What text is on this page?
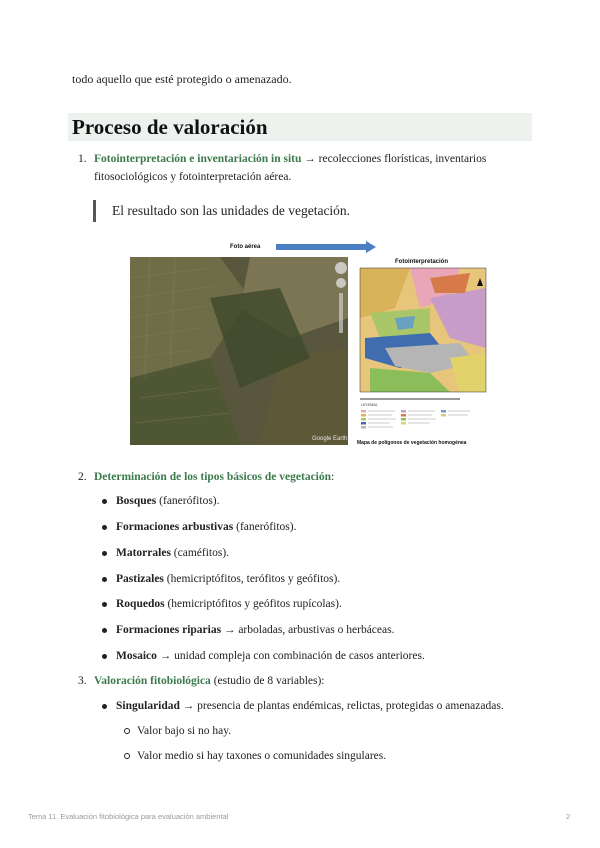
todo aquello que esté protegido o amenazado.
Proceso de valoración
1. Fotointerpretación e inventariación in situ → recolecciones florísticas, inventarios fitosociológicos y fotointerpretación aérea.
El resultado son las unidades de vegetación.
Foto aérea
Fotointerpretación
Google Earth
LEYENDA
Mapa de polígonos de vegetación homogénea
2. Determinación de los tipos básicos de vegetación:
Bosques (fanerófitos).
Formaciones arbustivas (fanerófitos).
Matorrales (caméfitos).
Pastizales (hemicriptófitos, terófitos y geófitos).
Roquedos (hemicriptófitos y geófitos rupícolas).
Formaciones riparias → arboladas, arbustivas o herbáceas.
Mosaico → unidad compleja con combinación de casos anteriores.
3. Valoración fitobiológica (estudio de 8 variables):
Singularidad → presencia de plantas endémicas, relictas, protegidas o amenazadas.
Valor bajo si no hay.
Valor medio si hay taxones o comunidades singulares.
Tema 11. Evaluación fitobiológica para evaluación ambiental	2
